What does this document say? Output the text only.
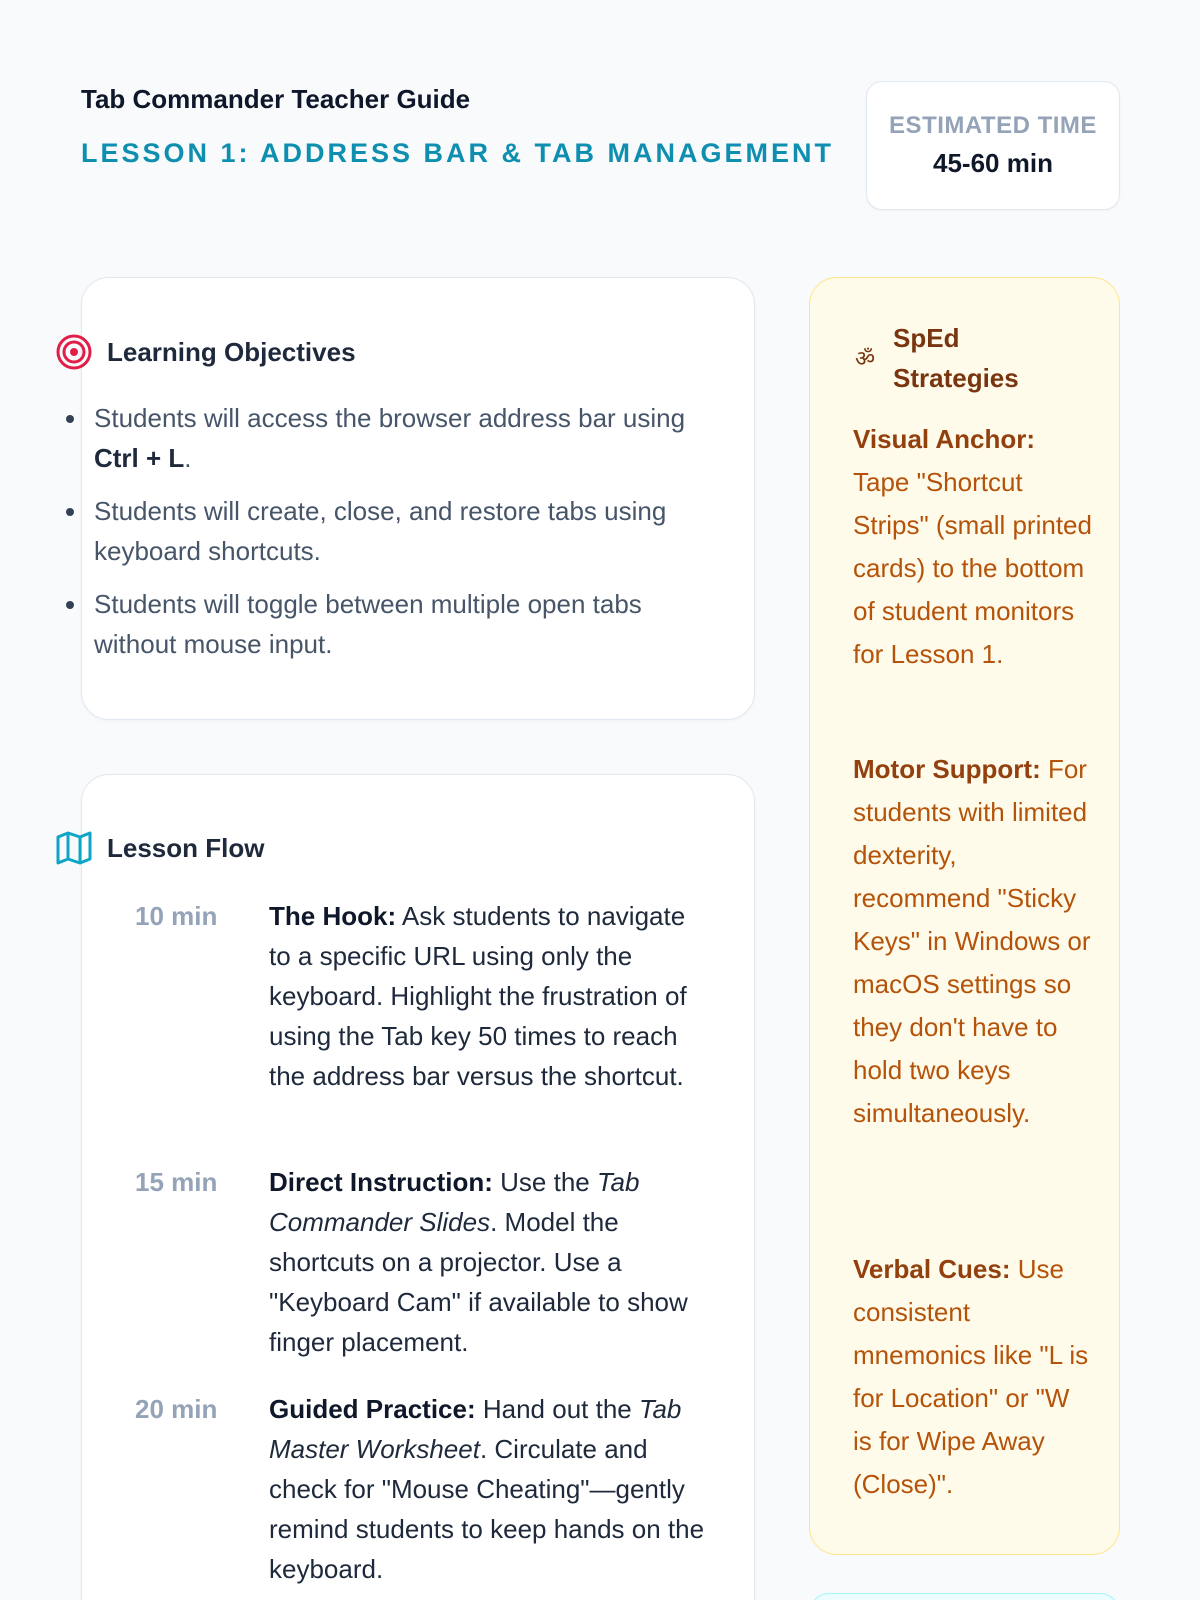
Tab Commander Teacher Guide
LESSON 1: ADDRESS BAR & TAB MANAGEMENT
ESTIMATED TIME
45-60 min
Learning Objectives
Students will access the browser address bar using Ctrl + L.
Students will create, close, and restore tabs using keyboard shortcuts.
Students will toggle between multiple open tabs without mouse input.
Lesson Flow
10 min	The Hook: Ask students to navigate to a specific URL using only the keyboard. Highlight the frustration of using the Tab key 50 times to reach the address bar versus the shortcut.
15 min	Direct Instruction: Use the Tab Commander Slides. Model the shortcuts on a projector. Use a "Keyboard Cam" if available to show finger placement.
20 min	Guided Practice: Hand out the Tab Master Worksheet. Circulate and check for "Mouse Cheating"—gently remind students to keep hands on the keyboard.
ॐ
SpEd Strategies
Visual Anchor: Tape "Shortcut Strips" (small printed cards) to the bottom of student monitors for Lesson 1.
Motor Support: For students with limited dexterity, recommend "Sticky Keys" in Windows or macOS settings so they don't have to hold two keys simultaneously.
Verbal Cues: Use consistent mnemonics like "L is for Location" or "W is for Wipe Away (Close)".
